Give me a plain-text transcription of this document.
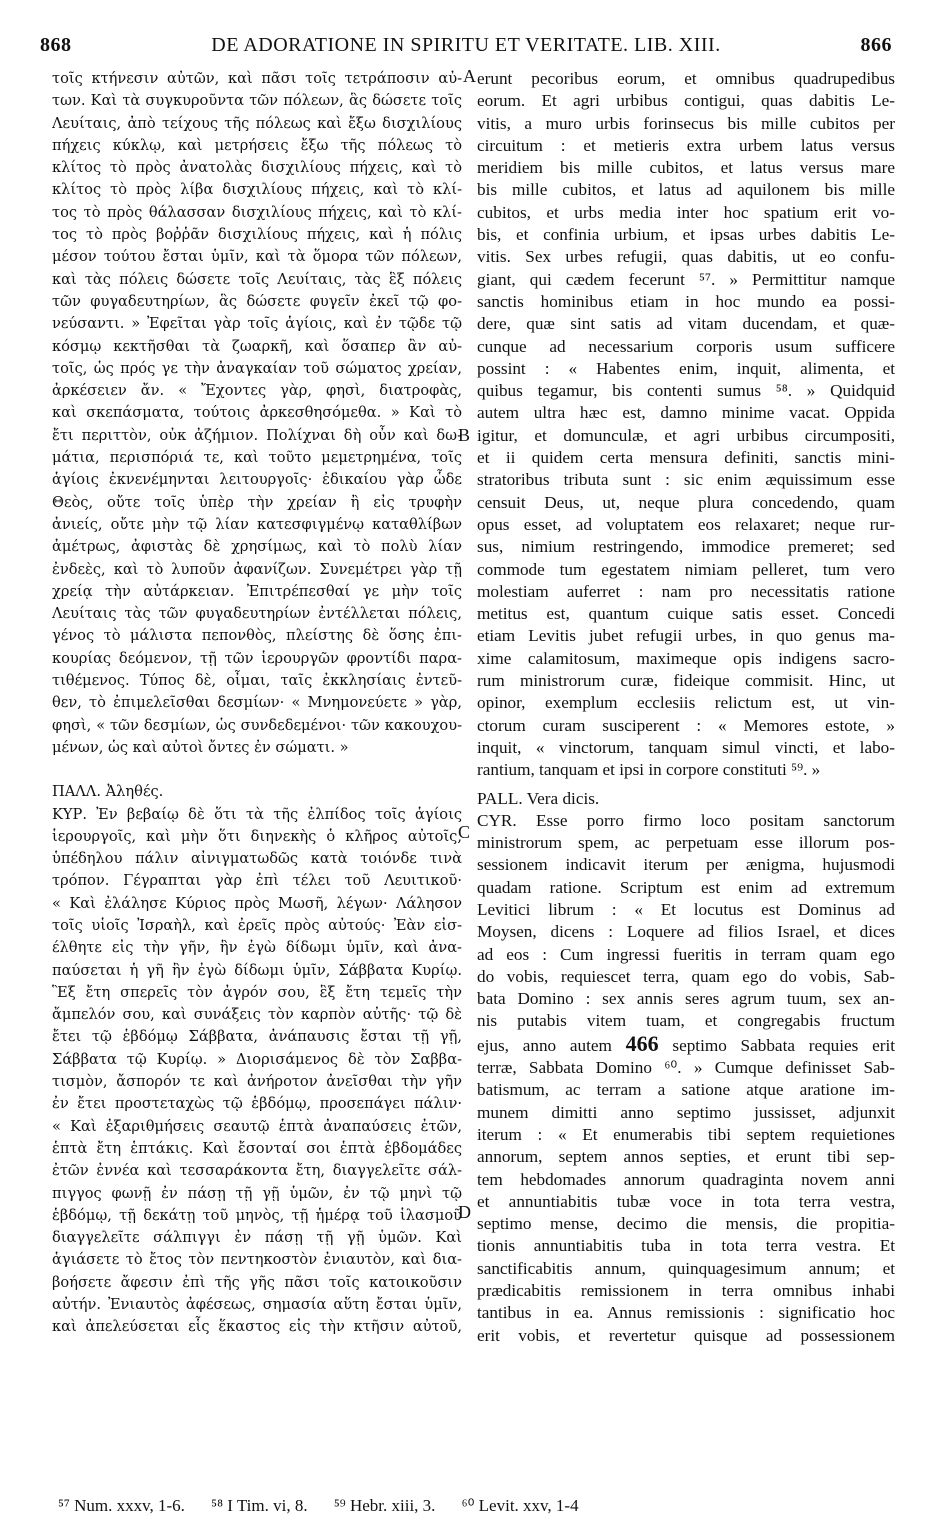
868	DE ADORATIONE IN SPIRITU ET VERITATE. LIB. XIII.	866
τοῖς κτήνεσιν αὐτῶν, καὶ πᾶσι τοῖς τετράποσιν αὐ-
των. Καὶ τὰ συγκυροῦντα τῶν πόλεων, ἃς δώσετε τοῖς
Λευίταις, ἀπὸ τείχους τῆς πόλεως καὶ ἔξω δισχιλίους
πήχεις κύκλῳ, καὶ μετρήσεις ἔξω τῆς πόλεως τὸ
κλίτος τὸ πρὸς ἀνατολὰς δισχιλίους πήχεις, καὶ τὸ
κλίτος τὸ πρὸς λίβα δισχιλίους πήχεις, καὶ τὸ κλί-
τος τὸ πρὸς θάλασσαν δισχιλίους πήχεις, καὶ τὸ κλί-
τος τὸ πρὸς βοῤῥᾶν δισχιλίους πήχεις, καὶ ἡ πόλις
μέσον τούτου ἔσται ὑμῖν, καὶ τὰ ὅμορα τῶν πόλεων,
καὶ τὰς πόλεις δώσετε τοῖς Λευίταις, τὰς ἓξ πόλεις
τῶν φυγαδευτηρίων, ἃς δώσετε φυγεῖν ἐκεῖ τῷ φο-
νεύσαντι. » Ἐφεῖται γὰρ τοῖς ἁγίοις, καὶ ἐν τῷδε τῷ
κόσμῳ κεκτῆσθαι τὰ ζωαρκῆ, καὶ ὅσαπερ ἂν αὐ-
τοῖς, ὡς πρός γε τὴν ἀναγκαίαν τοῦ σώματος χρείαν,
ἀρκέσειεν ἄν. « Ἔχοντες γὰρ, φησὶ, διατροφὰς,
καὶ σκεπάσματα, τούτοις ἀρκεσθησόμεθα. » Καὶ τὸ
ἔτι περιττὸν, οὐκ ἀζήμιον. Πολίχναι δὴ οὖν καὶ δω-
μάτια, περισπόριά τε, καὶ τοῦτο μεμετρημένα, τοῖς
ἁγίοις ἐκνενέμηνται λειτουργοῖς· ἐδικαίου γὰρ ὧδε
Θεὸς, οὔτε τοῖς ὑπὲρ τὴν χρείαν ἢ εἰς τρυφὴν
ἀνιείς, οὔτε μὴν τῷ λίαν κατεσφιγμένῳ καταθλίβων
ἀμέτρως, ἀφιστὰς δὲ χρησίμως, καὶ τὸ πολὺ λίαν
ἐνδεὲς, καὶ τὸ λυποῦν ἀφανίζων. Συνεμέτρει γὰρ τῇ
χρείᾳ τὴν αὐτάρκειαν. Ἐπιτρέπεσθαί γε μὴν τοῖς
Λευίταις τὰς τῶν φυγαδευτηρίων ἐντέλλεται πόλεις,
γένος τὸ μάλιστα πεπονθὸς, πλείστης δὲ ὅσης ἐπι-
κουρίας δεόμενον, τῇ τῶν ἱερουργῶν φροντίδι παρα-
τιθέμενος. Τύπος δὲ, οἶμαι, ταῖς ἐκκλησίαις ἐντεῦ-
θεν, τὸ ἐπιμελεῖσθαι δεσμίων· « Μνημονεύετε » γὰρ,
φησὶ, « τῶν δεσμίων, ὡς συνδεδεμένοι· τῶν κακουχου-
μένων, ὡς καὶ αὐτοὶ ὄντες ἐν σώματι. »
ΠΑΛΛ. Ἀληθές.
ΚΥΡ. Ἐν βεβαίῳ δὲ ὅτι τὰ τῆς ἐλπίδος τοῖς ἁγίοις
ἱερουργοῖς, καὶ μὴν ὅτι διηνεκὴς ὁ κλῆρος αὐτοῖς,
ὑπέδηλου πάλιν αἰνιγματωδῶς κατὰ τοιόνδε τινὰ
τρόπον. Γέγραπται γὰρ ἐπὶ τέλει τοῦ Λευιτικοῦ·
« Καὶ ἐλάλησε Κύριος πρὸς Μωσῆ, λέγων· Λάλησον
τοῖς υἱοῖς Ἰσραὴλ, καὶ ἐρεῖς πρὸς αὐτούς· Ἐὰν εἰσ-
έλθητε εἰς τὴν γῆν, ἣν ἐγὼ δίδωμι ὑμῖν, καὶ ἀνα-
παύσεται ἡ γῆ ἣν ἐγὼ δίδωμι ὑμῖν, Σάββατα Κυρίῳ.
Ἓξ ἔτη σπερεῖς τὸν ἀγρόν σου, ἓξ ἔτη τεμεῖς τὴν
ἄμπελόν σου, καὶ συνάξεις τὸν καρπὸν αὐτῆς· τῷ δὲ
ἔτει τῷ ἑβδόμῳ Σάββατα, ἀνάπαυσις ἔσται τῇ γῇ,
Σάββατα τῷ Κυρίῳ. » Διορισάμενος δὲ τὸν Σαββα-
τισμὸν, ἄσπορόν τε καὶ ἀνήροτον ἀνεῖσθαι τὴν γῆν
ἐν ἔτει προστεταχὼς τῷ ἑβδόμῳ, προσεπάγει πάλιν·
« Καὶ ἐξαριθμήσεις σεαυτῷ ἑπτὰ ἀναπαύσεις ἐτῶν,
ἑπτὰ ἔτη ἑπτάκις. Καὶ ἔσονταί σοι ἑπτὰ ἑβδομάδες
ἐτῶν ἐννέα καὶ τεσσαράκοντα ἔτη, διαγγελεῖτε σάλ-
πιγγος φωνῇ ἐν πάσῃ τῇ γῇ ὑμῶν, ἐν τῷ μηνὶ τῷ
ἑβδόμῳ, τῇ δεκάτῃ τοῦ μηνὸς, τῇ ἡμέρᾳ τοῦ ἱλασμοῦ
διαγγελεῖτε σάλπιγγι ἐν πάσῃ τῇ γῇ ὑμῶν. Καὶ
ἁγιάσετε τὸ ἔτος τὸν πεντηκοστὸν ἐνιαυτὸν, καὶ δια-
βοήσετε ἄφεσιν ἐπὶ τῆς γῆς πᾶσι τοῖς κατοικοῦσιν
αὐτήν. Ἐνιαυτὸς ἀφέσεως, σημασία αὕτη ἔσται ὑμῖν,
καὶ ἀπελεύσεται εἷς ἕκαστος εἰς τὴν κτῆσιν αὐτοῦ,
erunt pecoribus eorum, et omnibus quadrupedibus
eorum. Et agri urbibus contigui, quas dabitis Le-
vitis, a muro urbis forinsecus bis mille cubitos per
circuitum : et metieris extra urbem latus versus
meridiem bis mille cubitos, et latus versus mare
bis mille cubitos, et latus ad aquilonem bis mille
cubitos, et urbs media inter hoc spatium erit vo-
bis, et confinia urbium, et ipsas urbes dabitis Le-
vitis. Sex urbes refugii, quas dabitis, ut eo confu-
giant, qui cædem fecerunt ⁵⁷. » Permittitur namque
sanctis hominibus etiam in hoc mundo ea possi-
dere, quæ sint satis ad vitam ducendam, et quæ-
cunque ad necessarium corporis usum sufficere
possint : « Habentes enim, inquit, alimenta, et
quibus tegamur, bis contenti sumus ⁵⁸. » Quidquid
autem ultra hæc est, damno minime vacat. Oppida
igitur, et domunculæ, et agri urbibus circumpositi,
et ii quidem certa mensura definiti, sanctis mini-
stratoribus tributa sunt : sic enim æquissimum esse
censuit Deus, ut, neque plura concedendo, quam
opus esset, ad voluptatem eos relaxaret; neque rur-
sus, nimium restringendo, immodice premeret; sed
commode tum egestatem nimiam pelleret, tum vero
molestiam auferret : nam pro necessitatis ratione
metitus est, quantum cuique satis esset. Concedi
etiam Levitis jubet refugii urbes, in quo genus ma-
xime calamitosum, maximeque opis indigens sacro-
rum ministrorum curæ, fideique commisit. Hinc, ut
opinor, exemplum ecclesiis relictum est, ut vin-
ctorum curam susciperent : « Memores estote, »
inquit, « vinctorum, tanquam simul vincti, et labo-
rantium, tanquam et ipsi in corpore constituti ⁵⁹. »
PALL. Vera dicis.
CYR. Esse porro firmo loco positam sanctorum
ministrorum spem, ac perpetuam esse illorum pos-
sessionem indicavit iterum per ænigma, hujusmodi
quadam ratione. Scriptum est enim ad extremum
Levitici librum : « Et locutus est Dominus ad
Moysen, dicens : Loquere ad filios Israel, et dices
ad eos : Cum ingressi fueritis in terram quam ego
do vobis, requiescet terra, quam ego do vobis, Sab-
bata Domino : sex annis seres agrum tuum, sex an-
nis putabis vitem tuam, et congregabis fructum
ejus, anno autem 466 septimo Sabbata requies erit
terræ, Sabbata Domino ⁶⁰. » Cumque definisset Sab-
batismum, ac terram a satione atque aratione im-
munem dimitti anno septimo jussisset, adjunxit
iterum : « Et enumerabis tibi septem requietiones
annorum, septem annos septies, et erunt tibi sep-
tem hebdomades annorum quadraginta novem anni
et annuntiabitis tubæ voce in tota terra vestra,
septimo mense, decimo die mensis, die propitia-
tionis annuntiabitis tuba in tota terra vestra. Et
sanctificabitis annum, quinquagesimum annum; et
prædicabitis remissionem in terra omnibus inhabi
tantibus in ea. Annus remissionis : significatio hoc
erit vobis, et revertetur quisque ad possessionem
A
B
C
D
⁵⁷ Num. xxxv, 1-6. ⁵⁸ I Tim. vi, 8. ⁵⁹ Hebr. xiii, 3. ⁶⁰ Levit. xxv, 1-4
